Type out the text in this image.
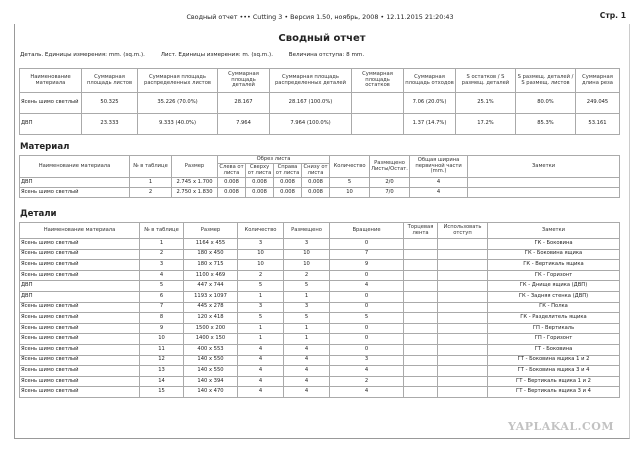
Сводный отчет ••• Cutting 3 • Версия 1.50, ноябрь, 2008 • 12.11.2015 21:20:43	Стр. 1
Сводный отчет
Деталь. Единицы измерения: mm. (sq.m.).	Лист. Единицы измерения: m. (sq.m.).	Величина отступа: 8 mm.
Наименование материала	Суммарная площадь листов	Суммарная площадь распределенных листов	Суммарная площадь деталей	Суммарная площадь распределенных деталей	Суммарная площадь остатков	Суммарная площадь отходов	S остатков / S размещ. деталей	S размещ. деталей / S размещ. листов	Суммарная длина реза
Ясень шимо светлый	50.325	35.226 (70.0%)	28.167	28.167 (100.0%)		7.06 (20.0%)	25.1%	80.0%	249.045
ДВП	23.333	9.333 (40.0%)	7.964	7.964 (100.0%)		1.37 (14.7%)	17.2%	85.3%	53.161
Материал
Наименование материала	№ в таблице	Размер	Обрез листа				Количество	Размещено Листы/Остат.	Общая ширина первичной части (mm.)	Заметки
			Слева от листа	Сверху от листа	Справа от листа	Снизу от листа				
ДВП	1	2.745 x 1.700	0.008	0.008	0.008	0.008	5	2/0	4	
Ясень шимо светлый	2	2.750 x 1.830	0.008	0.008	0.008	0.008	10	7/0	4	
Детали
Наименование материала	№ в таблице	Размер	Количество	Размещено	Вращение	Торцевая лента	Использовать отступ	Заметки
Ясень шимо светлый	1	1164 x 455	3	3	0			ГК - Боковина
Ясень шимо светлый	2	180 x 450	10	10	7			ГК - Боковина ящика
Ясень шимо светлый	3	180 x 715	10	10	9			ГК - Вертикаль ящика
Ясень шимо светлый	4	1100 x 469	2	2	0			ГК - Горизонт
ДВП	5	447 x 744	5	5	4			ГК - Днище ящика (ДВП)
ДВП	6	1193 x 1097	1	1	0			ГК - Задняя стенка (ДВП)
Ясень шимо светлый	7	445 x 278	3	3	0			ГК - Полка
Ясень шимо светлый	8	120 x 418	5	5	5			ГК - Разделитель ящика
Ясень шимо светлый	9	1500 x 200	1	1	0			ГП - Вертикаль
Ясень шимо светлый	10	1400 x 150	1	1	0			ГП - Горизонт
Ясень шимо светлый	11	400 x 553	4	4	0			ГТ - Боковина
Ясень шимо светлый	12	140 x 550	4	4	3			ГТ - Боковина ящика 1 и 2
Ясень шимо светлый	13	140 x 550	4	4	4			ГТ - Боковина ящика 3 и 4
Ясень шимо светлый	14	140 x 394	4	4	2			ГТ - Вертикаль ящика 1 и 2
Ясень шимо светлый	15	140 x 470	4	4	4			ГТ - Вертикаль ящика 3 и 4
YAPLAKAL.COM
